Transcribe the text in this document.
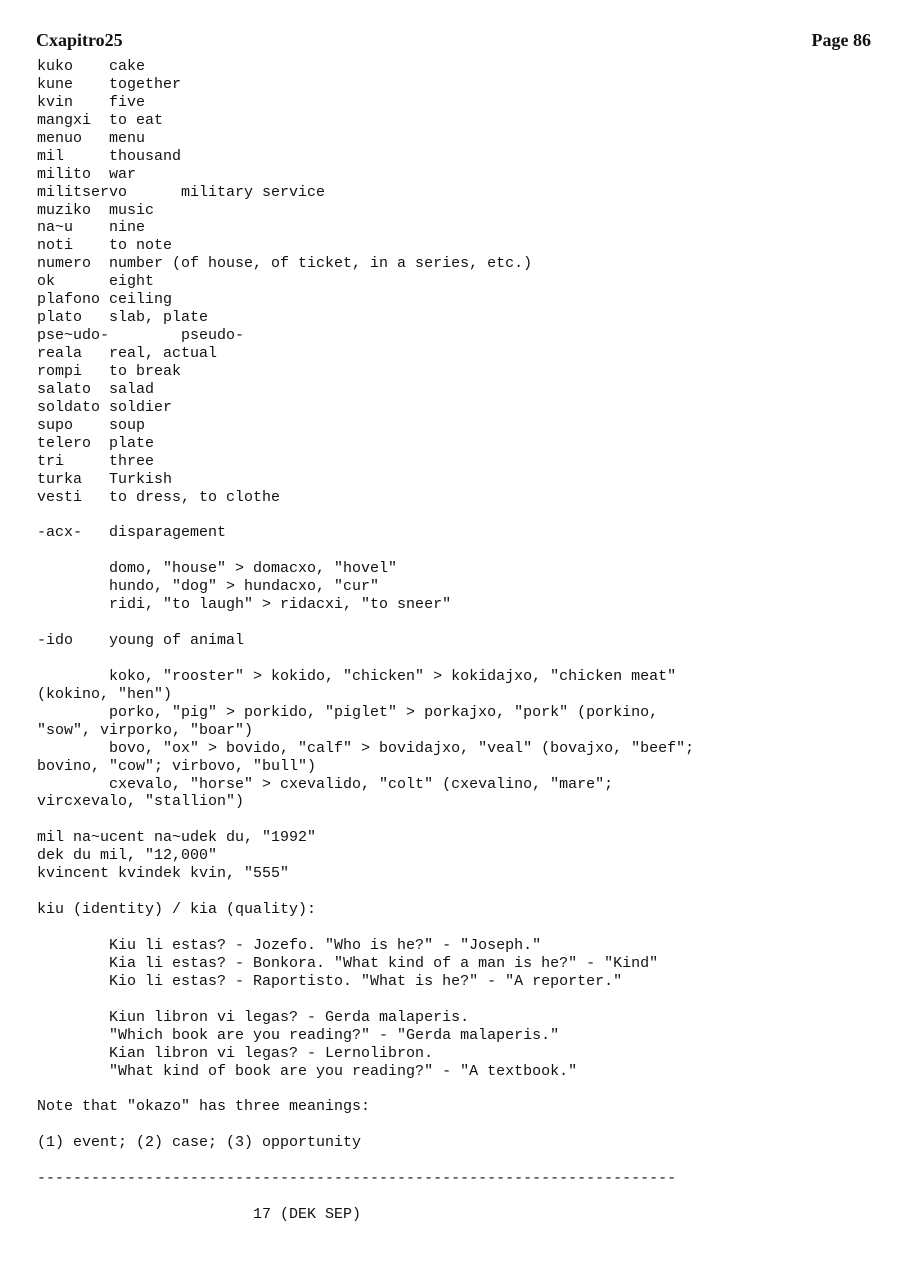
Cxapitro25	Page 86
kuko    cake
kune    together
kvin    five
mangxi  to eat
menuo   menu
mil     thousand
milito  war
militservo      military service
muziko  music
na~u    nine
noti    to note
numero  number (of house, of ticket, in a series, etc.)
ok      eight
plafono ceiling
plato   slab, plate
pse~udo-        pseudo-
reala   real, actual
rompi   to break
salato  salad
soldato soldier
supo    soup
telero  plate
tri     three
turka   Turkish
vesti   to dress, to clothe
-acx-   disparagement
domo, "house" > domacxo, "hovel"
hundo, "dog" > hundacxo, "cur"
ridi, "to laugh" > ridacxi, "to sneer"
-ido    young of animal
koko, "rooster" > kokido, "chicken" > kokidajxo, "chicken meat"
(kokino, "hen")
porko, "pig" > porkido, "piglet" > porkajxo, "pork" (porkino,
"sow", virporko, "boar")
bovo, "ox" > bovido, "calf" > bovidajxo, "veal" (bovajxo, "beef";
bovino, "cow"; virbovo, "bull")
cxevalo, "horse" > cxevalido, "colt" (cxevalino, "mare";
vircxevalo, "stallion")
mil na~ucent na~udek du, "1992"
dek du mil, "12,000"
kvincent kvindek kvin, "555"
kiu (identity) / kia (quality):
Kiu li estas? - Jozefo. "Who is he?" - "Joseph."
Kia li estas? - Bonkora. "What kind of a man is he?" - "Kind"
Kio li estas? - Raportisto. "What is he?" - "A reporter."
Kiun libron vi legas? - Gerda malaperis.
"Which book are you reading?" - "Gerda malaperis."
Kian libron vi legas? - Lernolibron.
"What kind of book are you reading?" - "A textbook."
Note that "okazo" has three meanings:
(1) event; (2) case; (3) opportunity
-----------------------------------------------------------------------
17 (DEK SEP)
